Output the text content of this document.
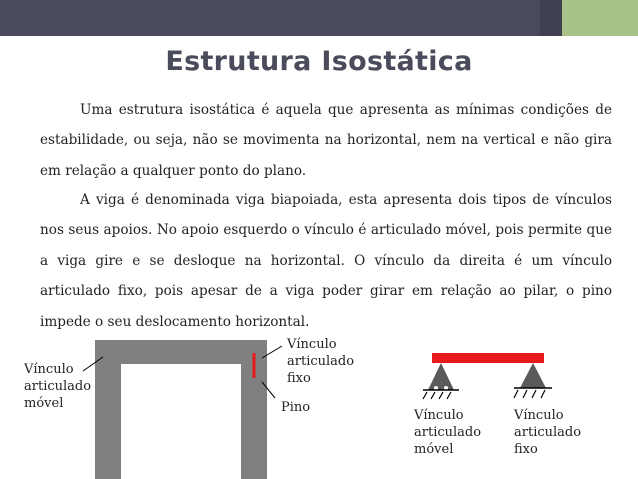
Estrutura Isostática

Uma estrutura isostática é aquela que apresenta as mínimas condições de estabilidade, ou seja, não se movimenta na horizontal, nem na vertical e não gira em relação a qualquer ponto do plano.

A viga é denominada viga biapoiada, esta apresenta dois tipos de vínculos nos seus apoios. No apoio esquerdo o vínculo é articulado móvel, pois permite que a viga gire e se desloque na horizontal. O vínculo da direita é um vínculo articulado fixo, pois apesar de a viga poder girar em relação ao pilar, o pino impede o seu deslocamento horizontal.

Vínculo
articulado
móvel
Vínculo
articulado
fixo
Pino
Vínculo
articulado
móvel
Vínculo
articulado
fixo
